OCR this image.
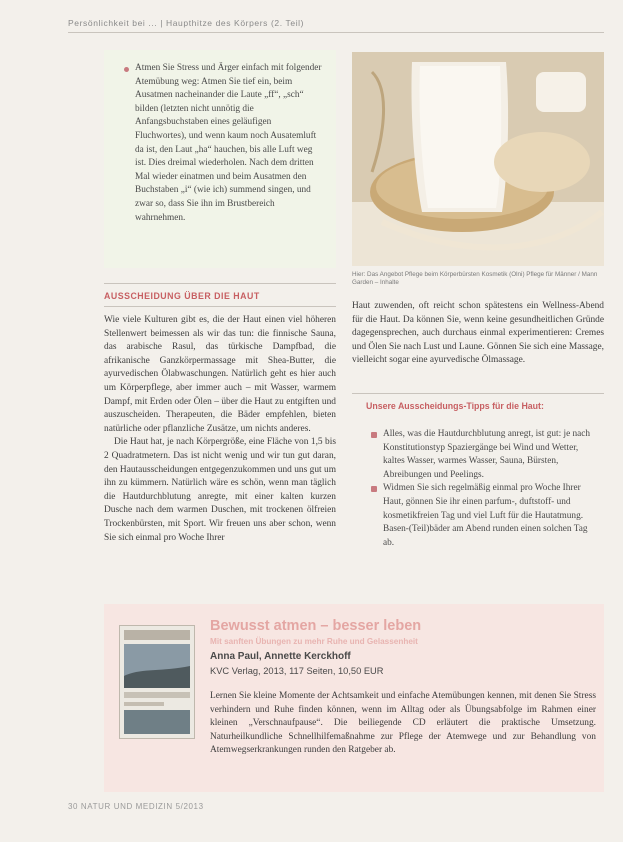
Persönlichkeit bei ... | Haupthitze des Körpers (2. Teil)
Atmen Sie Stress und Ärger einfach mit folgender Atemübung weg: Atmen Sie tief ein, beim Ausatmen nacheinander die Laute „ff“, „sch“ bilden (letzten nicht unnötig die Anfangsbuchstaben eines geläufigen Fluchwortes), und wenn kaum noch Ausatemluft da ist, den Laut „ha“ hauchen, bis alle Luft weg ist. Dies dreimal wiederholen. Nach dem dritten Mal wieder einatmen und beim Ausatmen den Buchstaben „i“ (wie ich) summend singen, und zwar so, dass Sie ihn im Brustbereich wahrnehmen.
Hier: Das Angebot Pflege beim Körperbürsten Kosmetik (Olni) Pflege für Männer / Mann Garden – Inhalte
AUSSCHEIDUNG ÜBER DIE HAUT

Wie viele Kulturen gibt es, die der Haut einen viel höheren Stellenwert beimessen als wir das tun: die finnische Sauna, das arabische Rasul, das türkische Dampfbad, die afrikanische Ganzkörpermassage mit Shea-Butter, die ayurvedischen Ölabwaschungen. Natürlich geht es hier auch um Körperpflege, aber immer auch – mit Wasser, warmem Dampf, mit Erden oder Ölen – über die Haut zu entgiften und auszuscheiden. Therapeuten, die Bäder empfehlen, bieten natürliche oder pflanzliche Zusätze, um nichts anderes.

Die Haut hat, je nach Körpergröße, eine Fläche von 1,5 bis 2 Quadratmetern. Das ist nicht wenig und wir tun gut daran, den Hautausscheidungen entgegenzukommen und uns gut um ihn zu kümmern. Natürlich wäre es schön, wenn man täglich die Hautdurchblutung anregte, mit einer kalten kurzen Dusche nach dem warmen Duschen, mit trockenen ölfreien Trockenbürsten, mit Sport. Wir freuen uns aber schon, wenn Sie sich einmal pro Woche Ihrer

Haut zuwenden, oft reicht schon spätestens ein Wellness-Abend für die Haut. Da können Sie, wenn keine gesundheitlichen Gründe dagegensprechen, auch durchaus einmal experimentieren: Cremes und Ölen Sie nach Lust und Laune. Gönnen Sie sich eine Massage, vielleicht sogar eine ayurvedische Ölmassage.

Unsere Ausscheidungs-Tipps für die Haut:
Alles, was die Hautdurchblutung anregt, ist gut: je nach Konstitutionstyp Spaziergänge bei Wind und Wetter, kaltes Wasser, warmes Wasser, Sauna, Bürsten, Abreibungen und Peelings.
Widmen Sie sich regelmäßig einmal pro Woche Ihrer Haut, gönnen Sie ihr einen parfum-, duftstoff- und kosmetikfreien Tag und viel Luft für die Hautatmung. Basen-(Teil)bäder am Abend runden einen solchen Tag ab.
Bewusst atmen – besser leben
Mit sanften Übungen zu mehr Ruhe und Gelassenheit
Anna Paul, Annette Kerckhoff
KVC Verlag, 2013, 117 Seiten, 10,50 EUR
Lernen Sie kleine Momente der Achtsamkeit und einfache Atemübungen kennen, mit denen Sie Stress verhindern und Ruhe finden können, wenn im Alltag oder als Übungsabfolge im Rahmen einer kleinen „Verschnaufpause“. Die beiliegende CD erläutert die praktische Umsetzung. Naturheilkundliche Schnellhilfemaßnahme zur Pflege der Atemwege und zur Behandlung von Atemwegserkrankungen runden den Ratgeber ab.
30 NATUR UND MEDIZIN 5/2013
